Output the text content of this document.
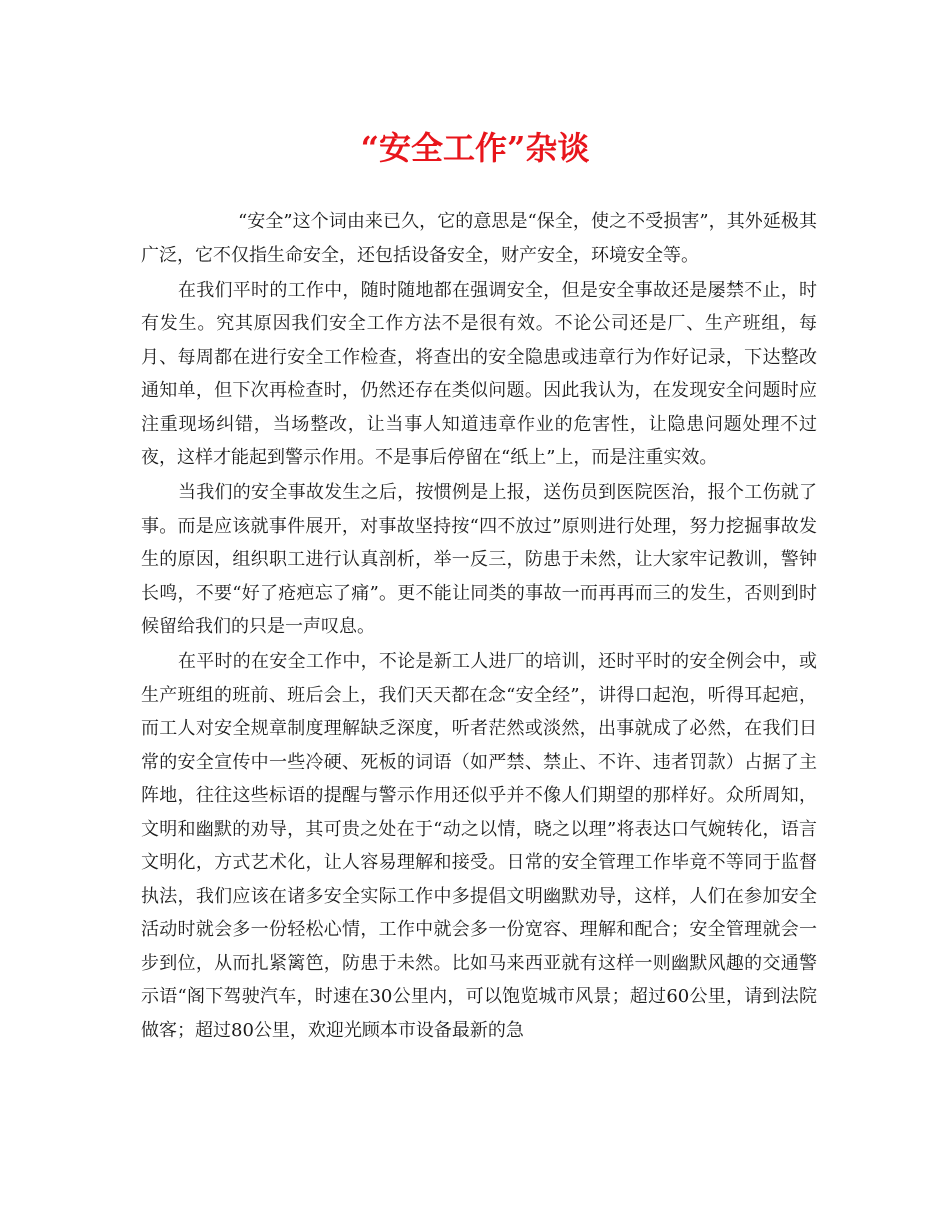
“安全工作”杂谈

“安全”这个词由来已久，它的意思是“保全，使之不受损害”，其外延极其广泛，它不仅指生命安全，还包括设备安全，财产安全，环境安全等。

在我们平时的工作中，随时随地都在强调安全，但是安全事故还是屡禁不止，时有发生。究其原因我们安全工作方法不是很有效。不论公司还是厂、生产班组，每月、每周都在进行安全工作检查，将查出的安全隐患或违章行为作好记录，下达整改通知单，但下次再检查时，仍然还存在类似问题。因此我认为，在发现安全问题时应注重现场纠错，当场整改，让当事人知道违章作业的危害性，让隐患问题处理不过夜，这样才能起到警示作用。不是事后停留在“纸上”上，而是注重实效。

当我们的安全事故发生之后，按惯例是上报，送伤员到医院医治，报个工伤就了事。而是应该就事件展开，对事故坚持按“四不放过”原则进行处理，努力挖掘事故发生的原因，组织职工进行认真剖析，举一反三，防患于未然，让大家牢记教训，警钟长鸣，不要“好了疮疤忘了痛”。更不能让同类的事故一而再再而三的发生，否则到时候留给我们的只是一声叹息。

在平时的在安全工作中，不论是新工人进厂的培训，还时平时的安全例会中，或生产班组的班前、班后会上，我们天天都在念“安全经”，讲得口起泡，听得耳起疤，而工人对安全规章制度理解缺乏深度，听者茫然或淡然，出事就成了必然，在我们日常的安全宣传中一些冷硬、死板的词语（如严禁、禁止、不许、违者罚款）占据了主阵地，往往这些标语的提醒与警示作用还似乎并不像人们期望的那样好。众所周知，文明和幽默的劝导，其可贵之处在于“动之以情，晓之以理”将表达口气婉转化，语言文明化，方式艺术化，让人容易理解和接受。日常的安全管理工作毕竟不等同于监督执法，我们应该在诸多安全实际工作中多提倡文明幽默劝导，这样，人们在参加安全活动时就会多一份轻松心情，工作中就会多一份宽容、理解和配合；安全管理就会一步到位，从而扎紧篱笆，防患于未然。比如马来西亚就有这样一则幽默风趣的交通警示语“阁下驾驶汽车，时速在30公里内，可以饱览城市风景；超过60公里，请到法院做客；超过80公里，欢迎光顾本市设备最新的急
